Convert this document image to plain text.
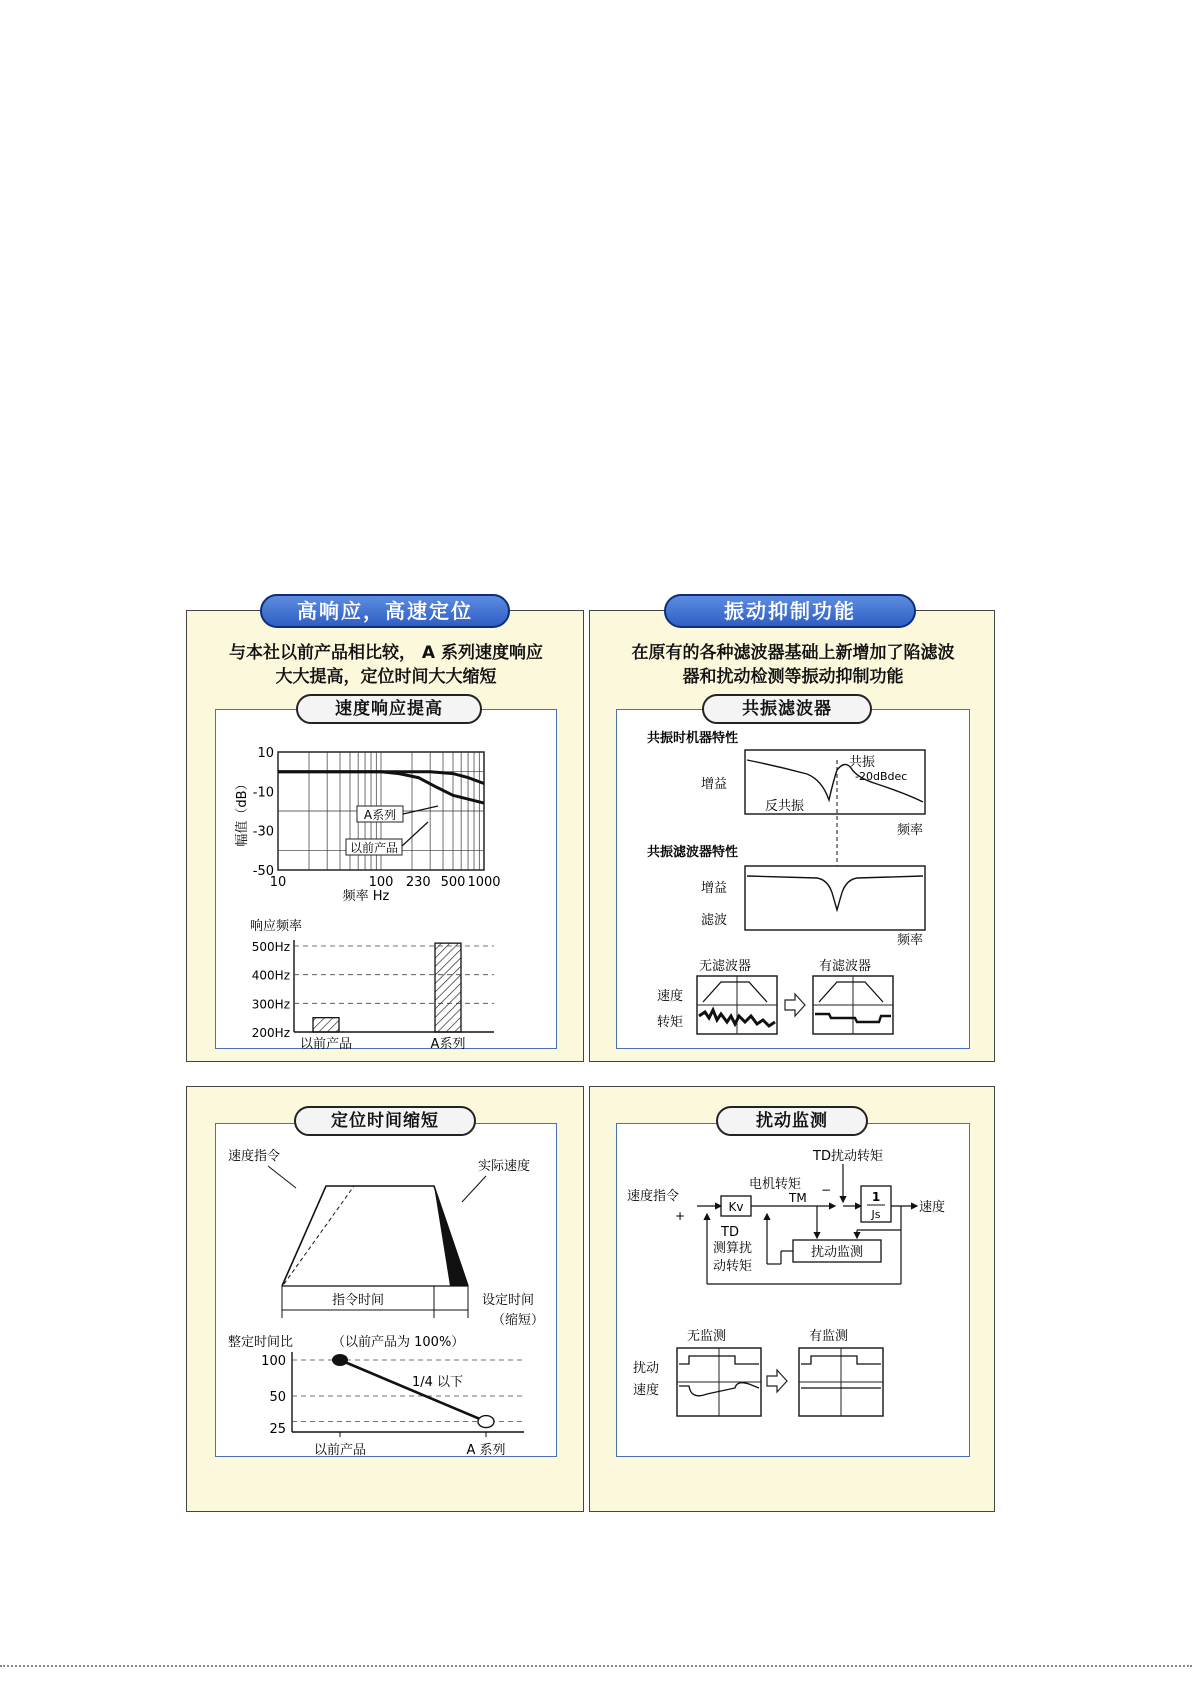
与本社以前产品相比较， A 系列速度响应
大大提高，定位时间大大缩短
A系列
以前产品
幅值（dB）
10
-10
-30
-50
10	100 230 500 1000
频率 Hz
响应频率
500Hz
400Hz
300Hz
200Hz
以前产品	A系列
高响应，高速定位
速度响应提高
在原有的各种滤波器基础上新增加了陷滤波
器和扰动检测等振动抑制功能
共振时机器特性
增益
反共振
共振
-20dBdec
频率
共振滤波器特性
增益
滤波
频率
无滤波器	有滤波器
速度
转矩
振动抑制功能
共振滤波器
速度指令
实际速度
指令时间	设定时间
（缩短）
整定时间比	（以前产品为 100%）
1/4 以下
100
50
25
以前产品	A 系列
定位时间缩短
TD扰动转矩
速度指令
电机转矩
Kv
TM	1
Js	速度
扰动监测
+
−
TD
测算扰
动转矩
无监测	有监测
扰动
速度
扰动监测
